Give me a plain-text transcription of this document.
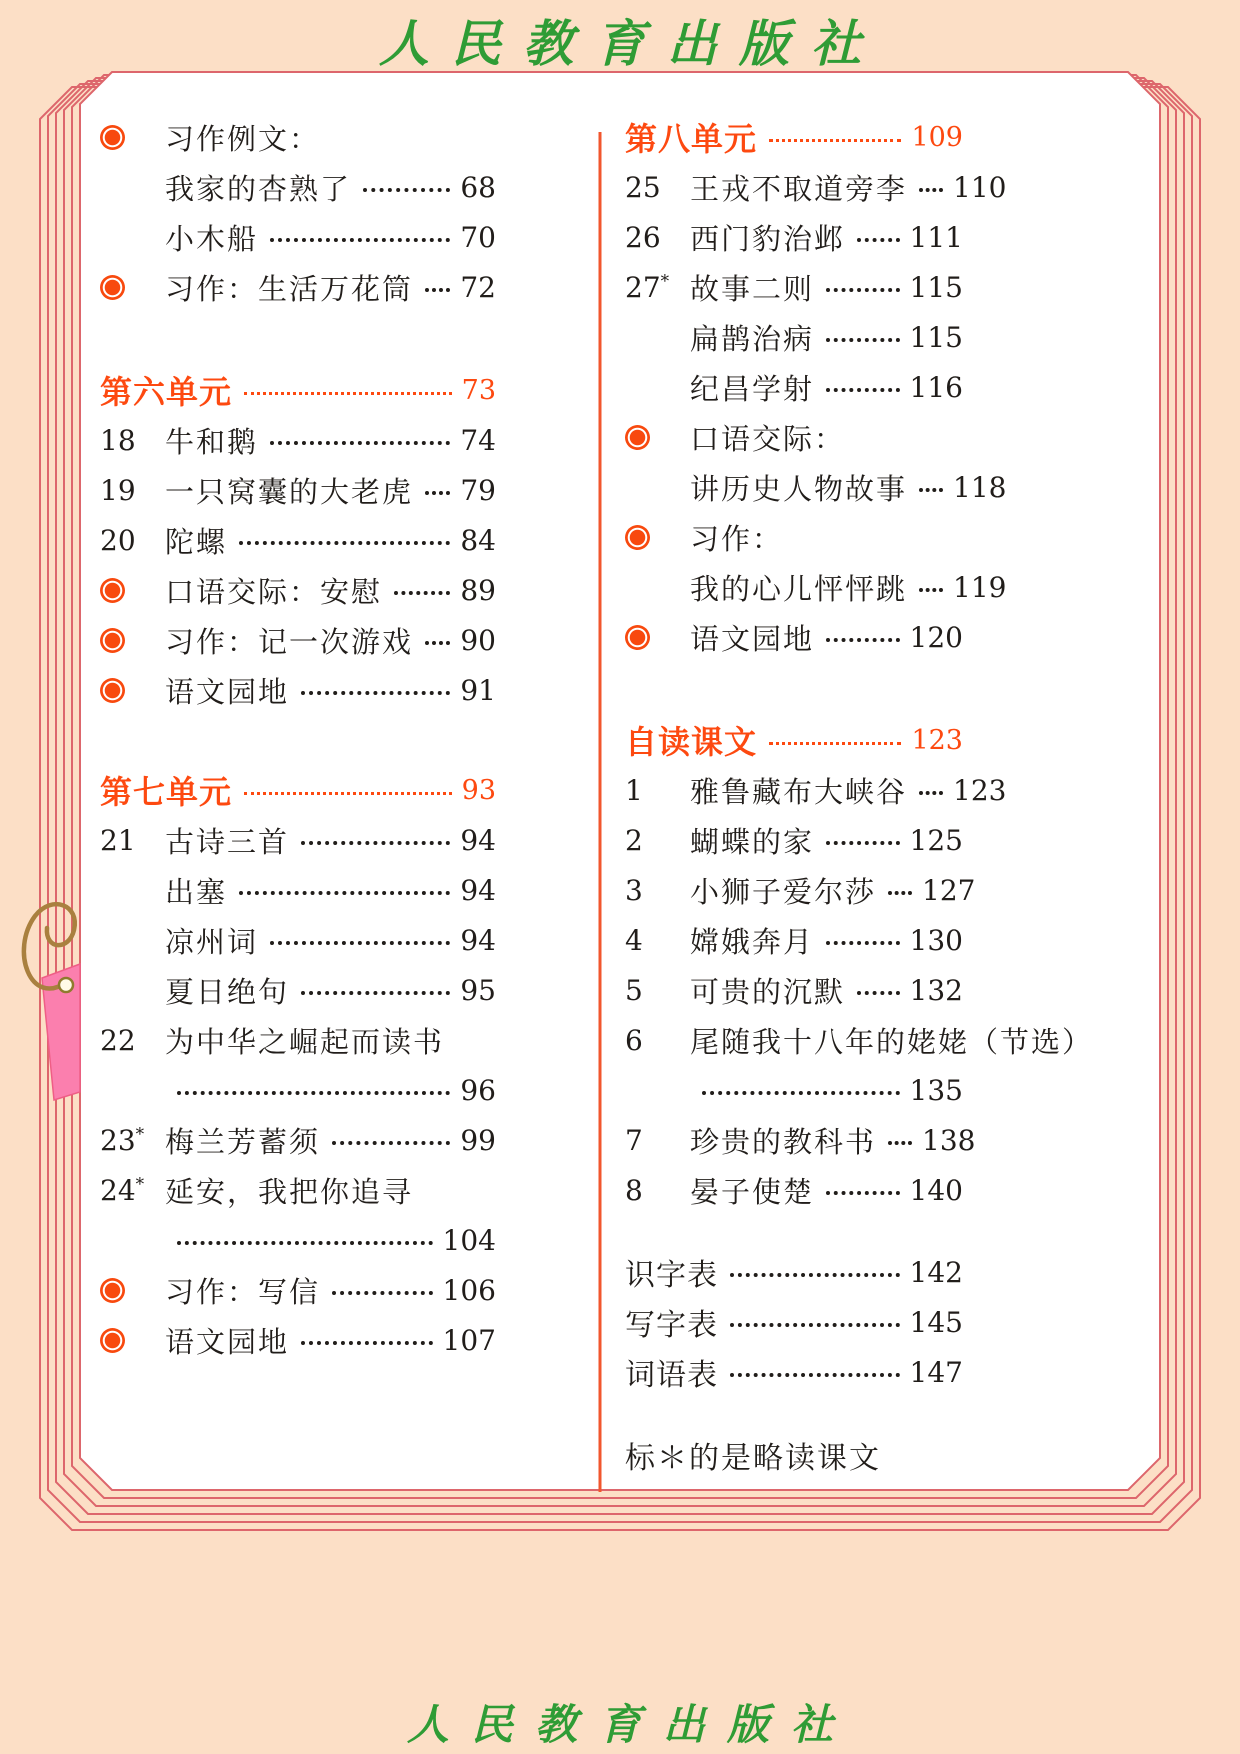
人民教育出版社
习作例文：
我家的杏熟了	68
小木船	70
习作：生活万花筒 72
第六单元	73
18 牛和鹅	74
19 一只窝囊的大老虎 79
20 陀螺	84
口语交际：安慰	89
习作：记一次游戏 90
语文园地	91
第七单元	93
21 古诗三首	94
出塞	94
凉州词	94
夏日绝句	95
22 为中华之崛起而读书
96
23* 梅兰芳蓄须	99
24* 延安，我把你追寻
104
习作：写信	106
语文园地	107
第八单元	109
25 王戎不取道旁李 110
26 西门豹治邺 111
27* 故事二则	115
扁鹊治病	115
纪昌学射	116
口语交际：
讲历史人物故事 118
习作：
我的心儿怦怦跳 119
语文园地	120
自读课文	123
1 雅鲁藏布大峡谷 123
2 蝴蝶的家	125
3 小狮子爱尔莎 127
4 嫦娥奔月	130
5 可贵的沉默 132
6 尾随我十八年的姥姥（节选）
135
7 珍贵的教科书 138
8 晏子使楚	140
识字表	142
写字表	145
词语表	147
标＊的是略读课文
人民教育出版社
